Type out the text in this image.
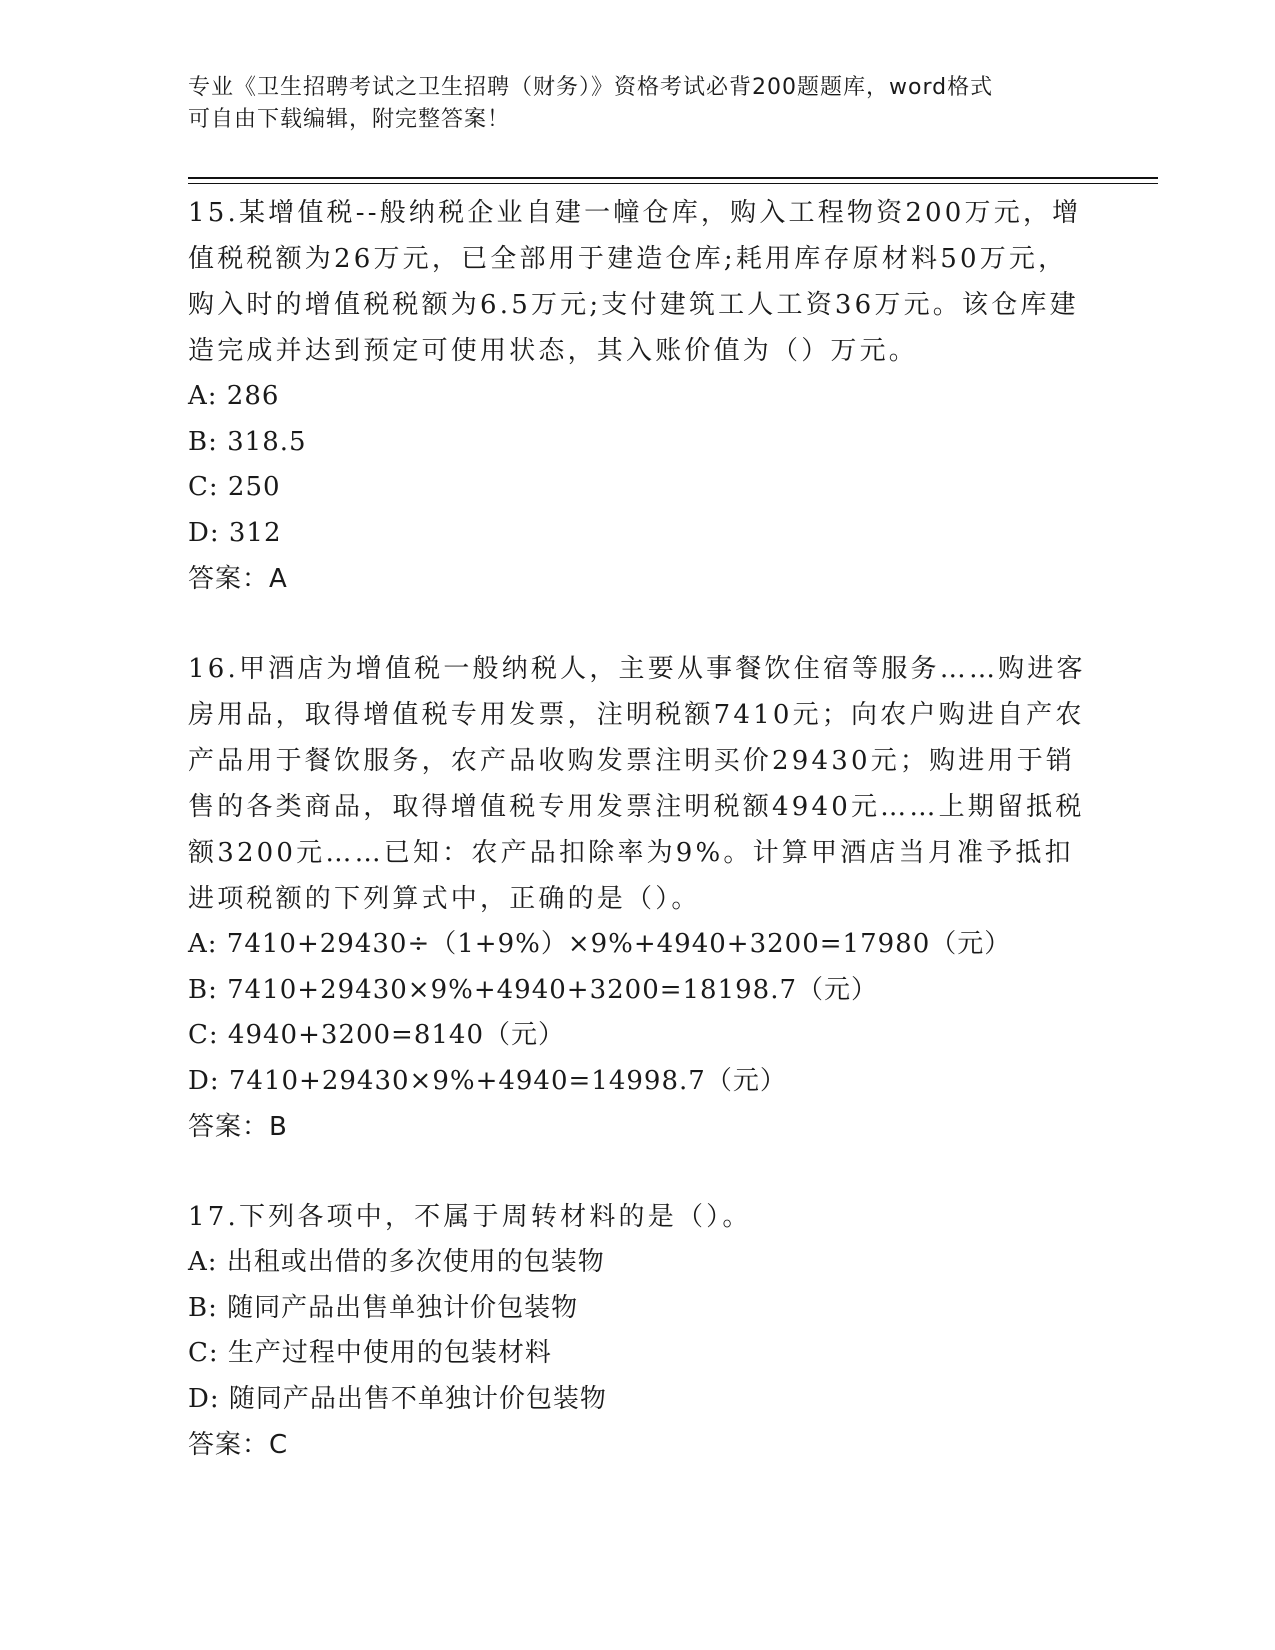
专业《卫生招聘考试之卫生招聘（财务）》资格考试必背200题题库，word格式
可自由下载编辑，附完整答案！

15.某增值税--般纳税企业自建一幢仓库，购入工程物资200万元，增值税税额为26万元，已全部用于建造仓库;耗用库存原材料50万元，购入时的增值税税额为6.5万元;支付建筑工人工资36万元。该仓库建造完成并达到预定可使用状态，其入账价值为（）万元。

A: 286

B: 318.5

C: 250

D: 312

答案：A

16.甲酒店为增值税一般纳税人，主要从事餐饮住宿等服务……购进客房用品，取得增值税专用发票，注明税额7410元；向农户购进自产农产品用于餐饮服务，农产品收购发票注明买价29430元；购进用于销售的各类商品，取得增值税专用发票注明税额4940元……上期留抵税额3200元……已知：农产品扣除率为9%。计算甲酒店当月准予抵扣进项税额的下列算式中，正确的是（）。

A: 7410+29430÷（1+9%）×9%+4940+3200=17980（元）

B: 7410+29430×9%+4940+3200=18198.7（元）

C: 4940+3200=8140（元）

D: 7410+29430×9%+4940=14998.7（元）

答案：B

17.下列各项中，不属于周转材料的是（）。

A: 出租或出借的多次使用的包装物

B: 随同产品出售单独计价包装物

C: 生产过程中使用的包装材料

D: 随同产品出售不单独计价包装物

答案：C
